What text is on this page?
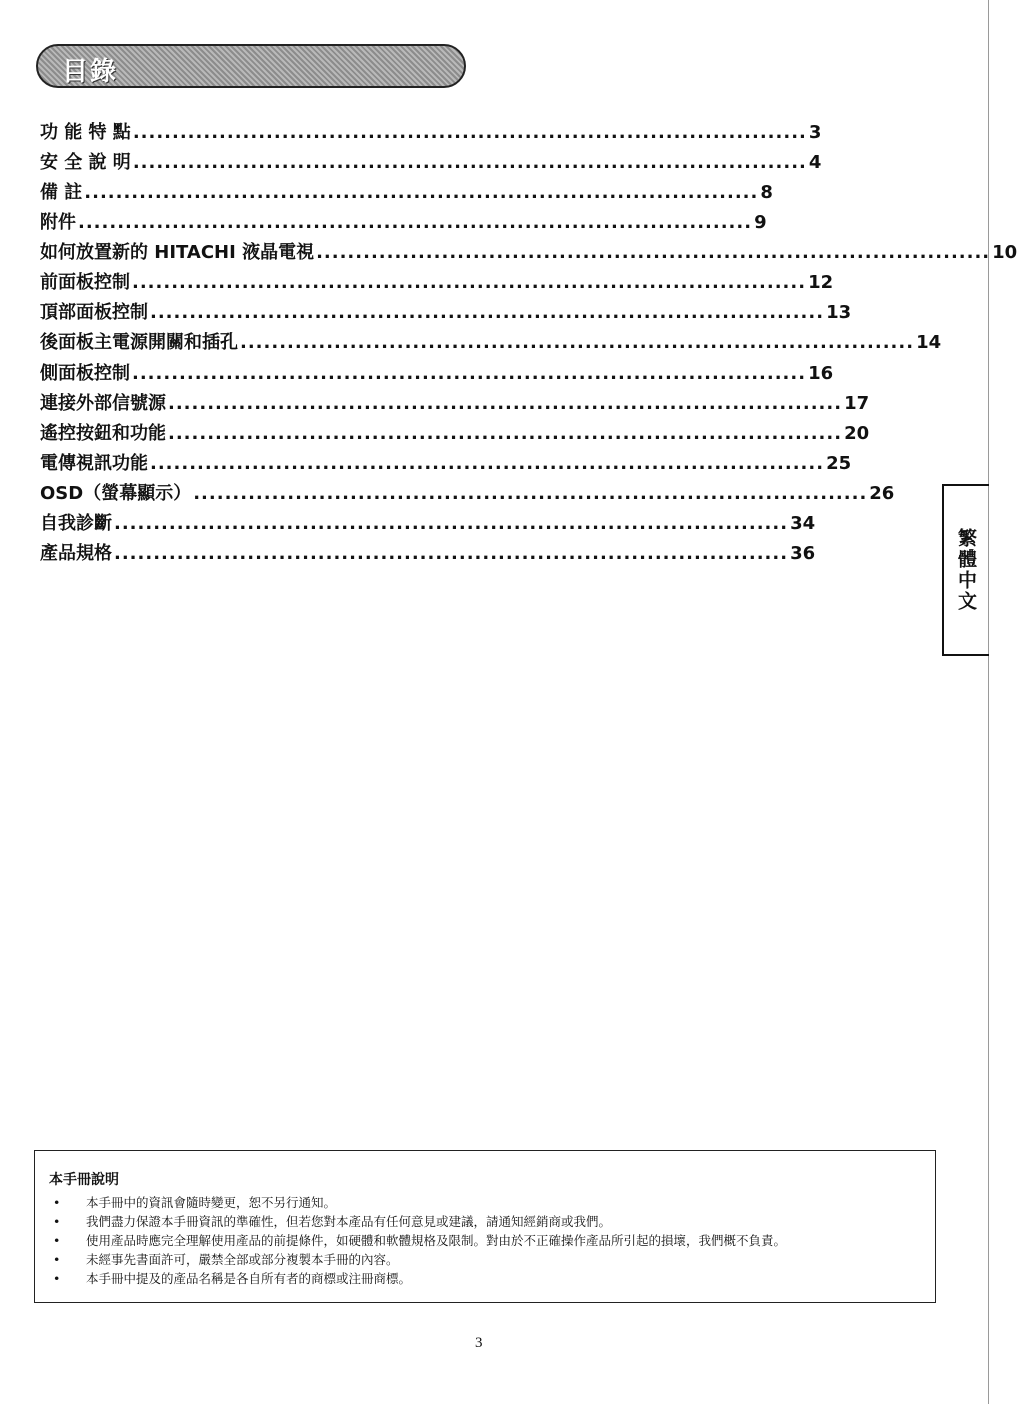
目錄
功 能 特 點 ...................................................................................... 3
安 全 說 明 ...................................................................................... 4
備 註 ...................................................................................... 8
附件 ...................................................................................... 9
如何放置新的 HITACHI 液晶電視 ...................................................................................... 10
前面板控制 ...................................................................................... 12
頂部面板控制 ...................................................................................... 13
後面板主電源開關和插孔 ...................................................................................... 14
側面板控制 ...................................................................................... 16
連接外部信號源 ...................................................................................... 17
遙控按鈕和功能 ...................................................................................... 20
電傳視訊功能 ...................................................................................... 25
OSD（螢幕顯示） ...................................................................................... 26
自我診斷 ...................................................................................... 34
產品規格 ...................................................................................... 36	繁體中文
本手冊說明
• 本手冊中的資訊會隨時變更，恕不另行通知。
• 我們盡力保證本手冊資訊的準確性，但若您對本產品有任何意見或建議，請通知經銷商或我們。
• 使用產品時應完全理解使用產品的前提條件，如硬體和軟體規格及限制。對由於不正確操作產品所引起的損壞，我們概不負責。
• 未經事先書面許可，嚴禁全部或部分複製本手冊的內容。
• 本手冊中提及的產品名稱是各自所有者的商標或注冊商標。
3
